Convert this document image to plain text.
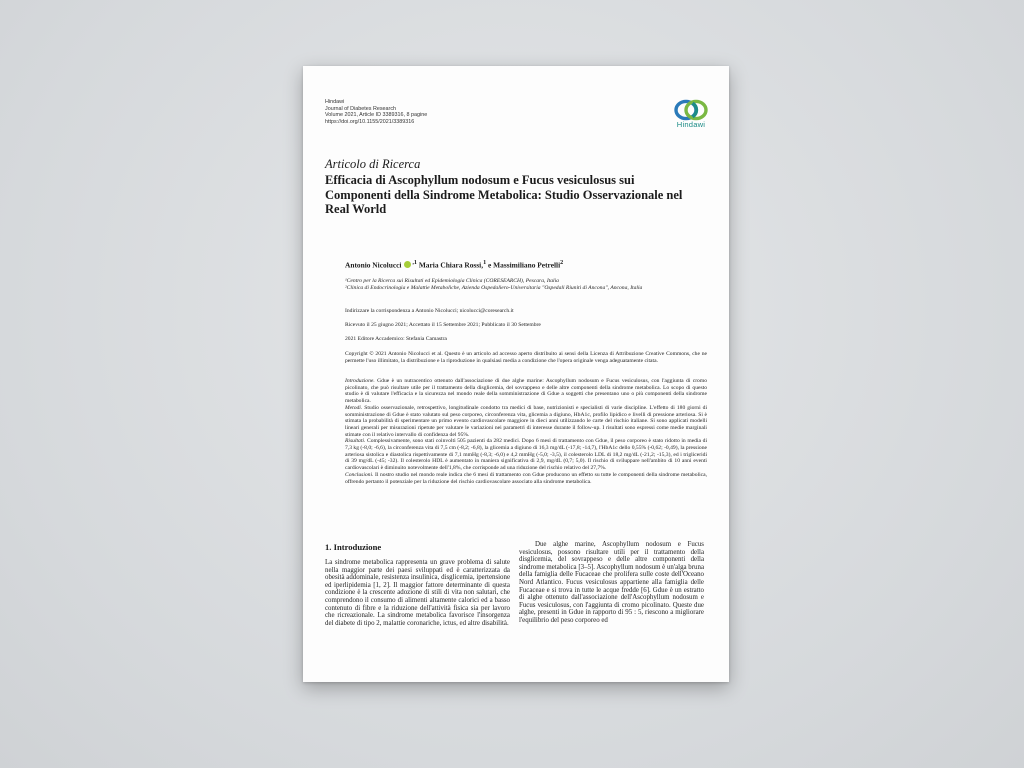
Hindawi
Journal of Diabetes Research
Volume 2021, Article ID 3389316, 8 pagine
https://doi.org/10.1155/2021/3389316	Hindawi
Articolo di Ricerca
Efficacia di Ascophyllum nodosum e Fucus vesiculosus sui Componenti della Sindrome Metabolica: Studio Osservazionale nel Real World
Antonio Nicolucci $^{,1}$ Maria Chiara Rossi,$^1$ e Massimiliano Petrelli$^2$
¹Centro per la Ricerca sui Risultati ed Epidemiologia Clinica (CORESEARCH), Pescara, Italia
²Clinica di Endocrinologia e Malattie Metaboliche, Azienda Ospedaliero-Universitaria "Ospedali Riuniti di Ancona", Ancona, Italia
Indirizzare la corrispondenza a Antonio Nicolucci; nicolucci@coresearch.it
Ricevuto il 25 giugno 2021; Accettato il 15 Settembre 2021; Pubblicato il 30 Settembre
2021 Editore Accademico: Stefania Camastra
Copyright © 2021 Antonio Nicolucci et al. Questo è un articolo ad accesso aperto distribuito ai sensi della Licenza di Attribuzione Creative Commons, che ne permette l'uso illimitato, la distribuzione e la riproduzione in qualsiasi media a condizione che l'opera originale venga adeguatamente citata.

Introduzione. Gdue è un nutracentico ottenuto dall'associazione di due alghe marine: Ascophyllum nodosum e Fucus vesiculosus, con l'aggiunta di cromo picolinato, che può risultare utile per il trattamento della disglicemia, del sovrappeso e delle altre componenti della sindrome metabolica. Lo scopo di questo studio è di valutare l'efficacia e la sicurezza nel mondo reale della somministrazione di Gdue a soggetti che presentano uno o più componenti della sindrome metabolica.

Metodi. Studio osservazionale, retrospettivo, longitudinale condotto tra medici di base, nutrizionisti e specialisti di varie discipline. L'effetto di 180 giorni di somministrazione di Gdue è stato valutato sul peso corporeo, circonferenza vita, glicemia a digiuno, HbA1c, profilo lipidico e livelli di pressione arteriosa. Si è stimata la probabilità di sperimentare un primo evento cardiovascolare maggiore in dieci anni utilizzando le carte del rischio italiane. Si sono applicati modelli lineari generali per misurazioni ripetute per valutare le variazioni nei parametri di interesse durante il follow-up. I risultati sono espressi come medie marginali stimate con il relativo intervallo di confidenza del 95%.

Risultati. Complessivamente, sono stati coinvolti 505 pazienti da 282 medici. Dopo 6 mesi di trattamento con Gdue, il peso corporeo è stato ridotto in media di 7,3 kg (-8,0; -6,6), la circonferenza vita di 7,5 cm (-8,2; -6,8), la glicemia a digiuno di 16,3 mg/dL (-17,8; -14,7), l'HbA1c dello 0,55% (-0,62; -0,49), la pressione arteriosa sistolica e diastolica rispettivamente di 7,1 mmHg (-8,3; -6,0) e 4,2 mmHg (-5,0; -3,5), il colesterolo LDL di 18,2 mg/dL (-21,2; -15,3), ed i trigliceridi di 39 mg/dL (-45; -32). Il colesterolo HDL è aumentato in maniera significativa di 2,9, mg/dL (0,7; 5,0). Il rischio di sviluppare nell'ambito di 10 anni eventi cardiovascolari è diminuito notevolmente dell'1,8%, che corrisponde ad una riduzione del rischio relativo del 27,7%.

Conclusioni. Il nostro studio nel mondo reale indica che 6 mesi di trattamento con Gdue producono un effetto su tutte le componenti della sindrome metabolica, offrendo pertanto il potenziale per la riduzione del rischio cardiovascolare associato alla sindrome metabolica.

1. Introduzione

La sindrome metabolica rappresenta un grave problema di salute nella maggior parte dei paesi sviluppati ed è caratterizzata da obesità addominale, resistenza insulinica, disglicemia, ipertensione ed iperlipidemia [1, 2]. Il maggior fattore determinante di questa condizione è la crescente adozione di stili di vita non salutari, che comprendono il consumo di alimenti altamente calorici ed a basso contenuto di fibre e la riduzione dell'attività fisica sia per lavoro che ricreazionale. La sindrome metabolica favorisce l'insorgenza del diabete di tipo 2, malattie coronariche, ictus, ed altre disabilità.

Due alghe marine, Ascophyllum nodosum e Fucus vesiculosus, possono risultare utili per il trattamento della disglicemia, del sovrappeso e delle altre componenti della sindrome metabolica [3–5]. Ascophyllum nodosum è un'alga bruna della famiglia delle Fucaceae che prolifera sulle coste dell'Oceano Nord Atlantico. Fucus vesiculosus appartiene alla famiglia delle Fucaceae e si trova in tutte le acque fredde [6]. Gdue è un estratto di alghe ottenuto dall'associazione dell'Ascophyllum nodosum e Fucus vesiculosus, con l'aggiunta di cromo picolinato. Queste due alghe, presenti in Gdue in rapporto di 95 : 5, riescono a migliorare l'equilibrio del peso corporeo ed
